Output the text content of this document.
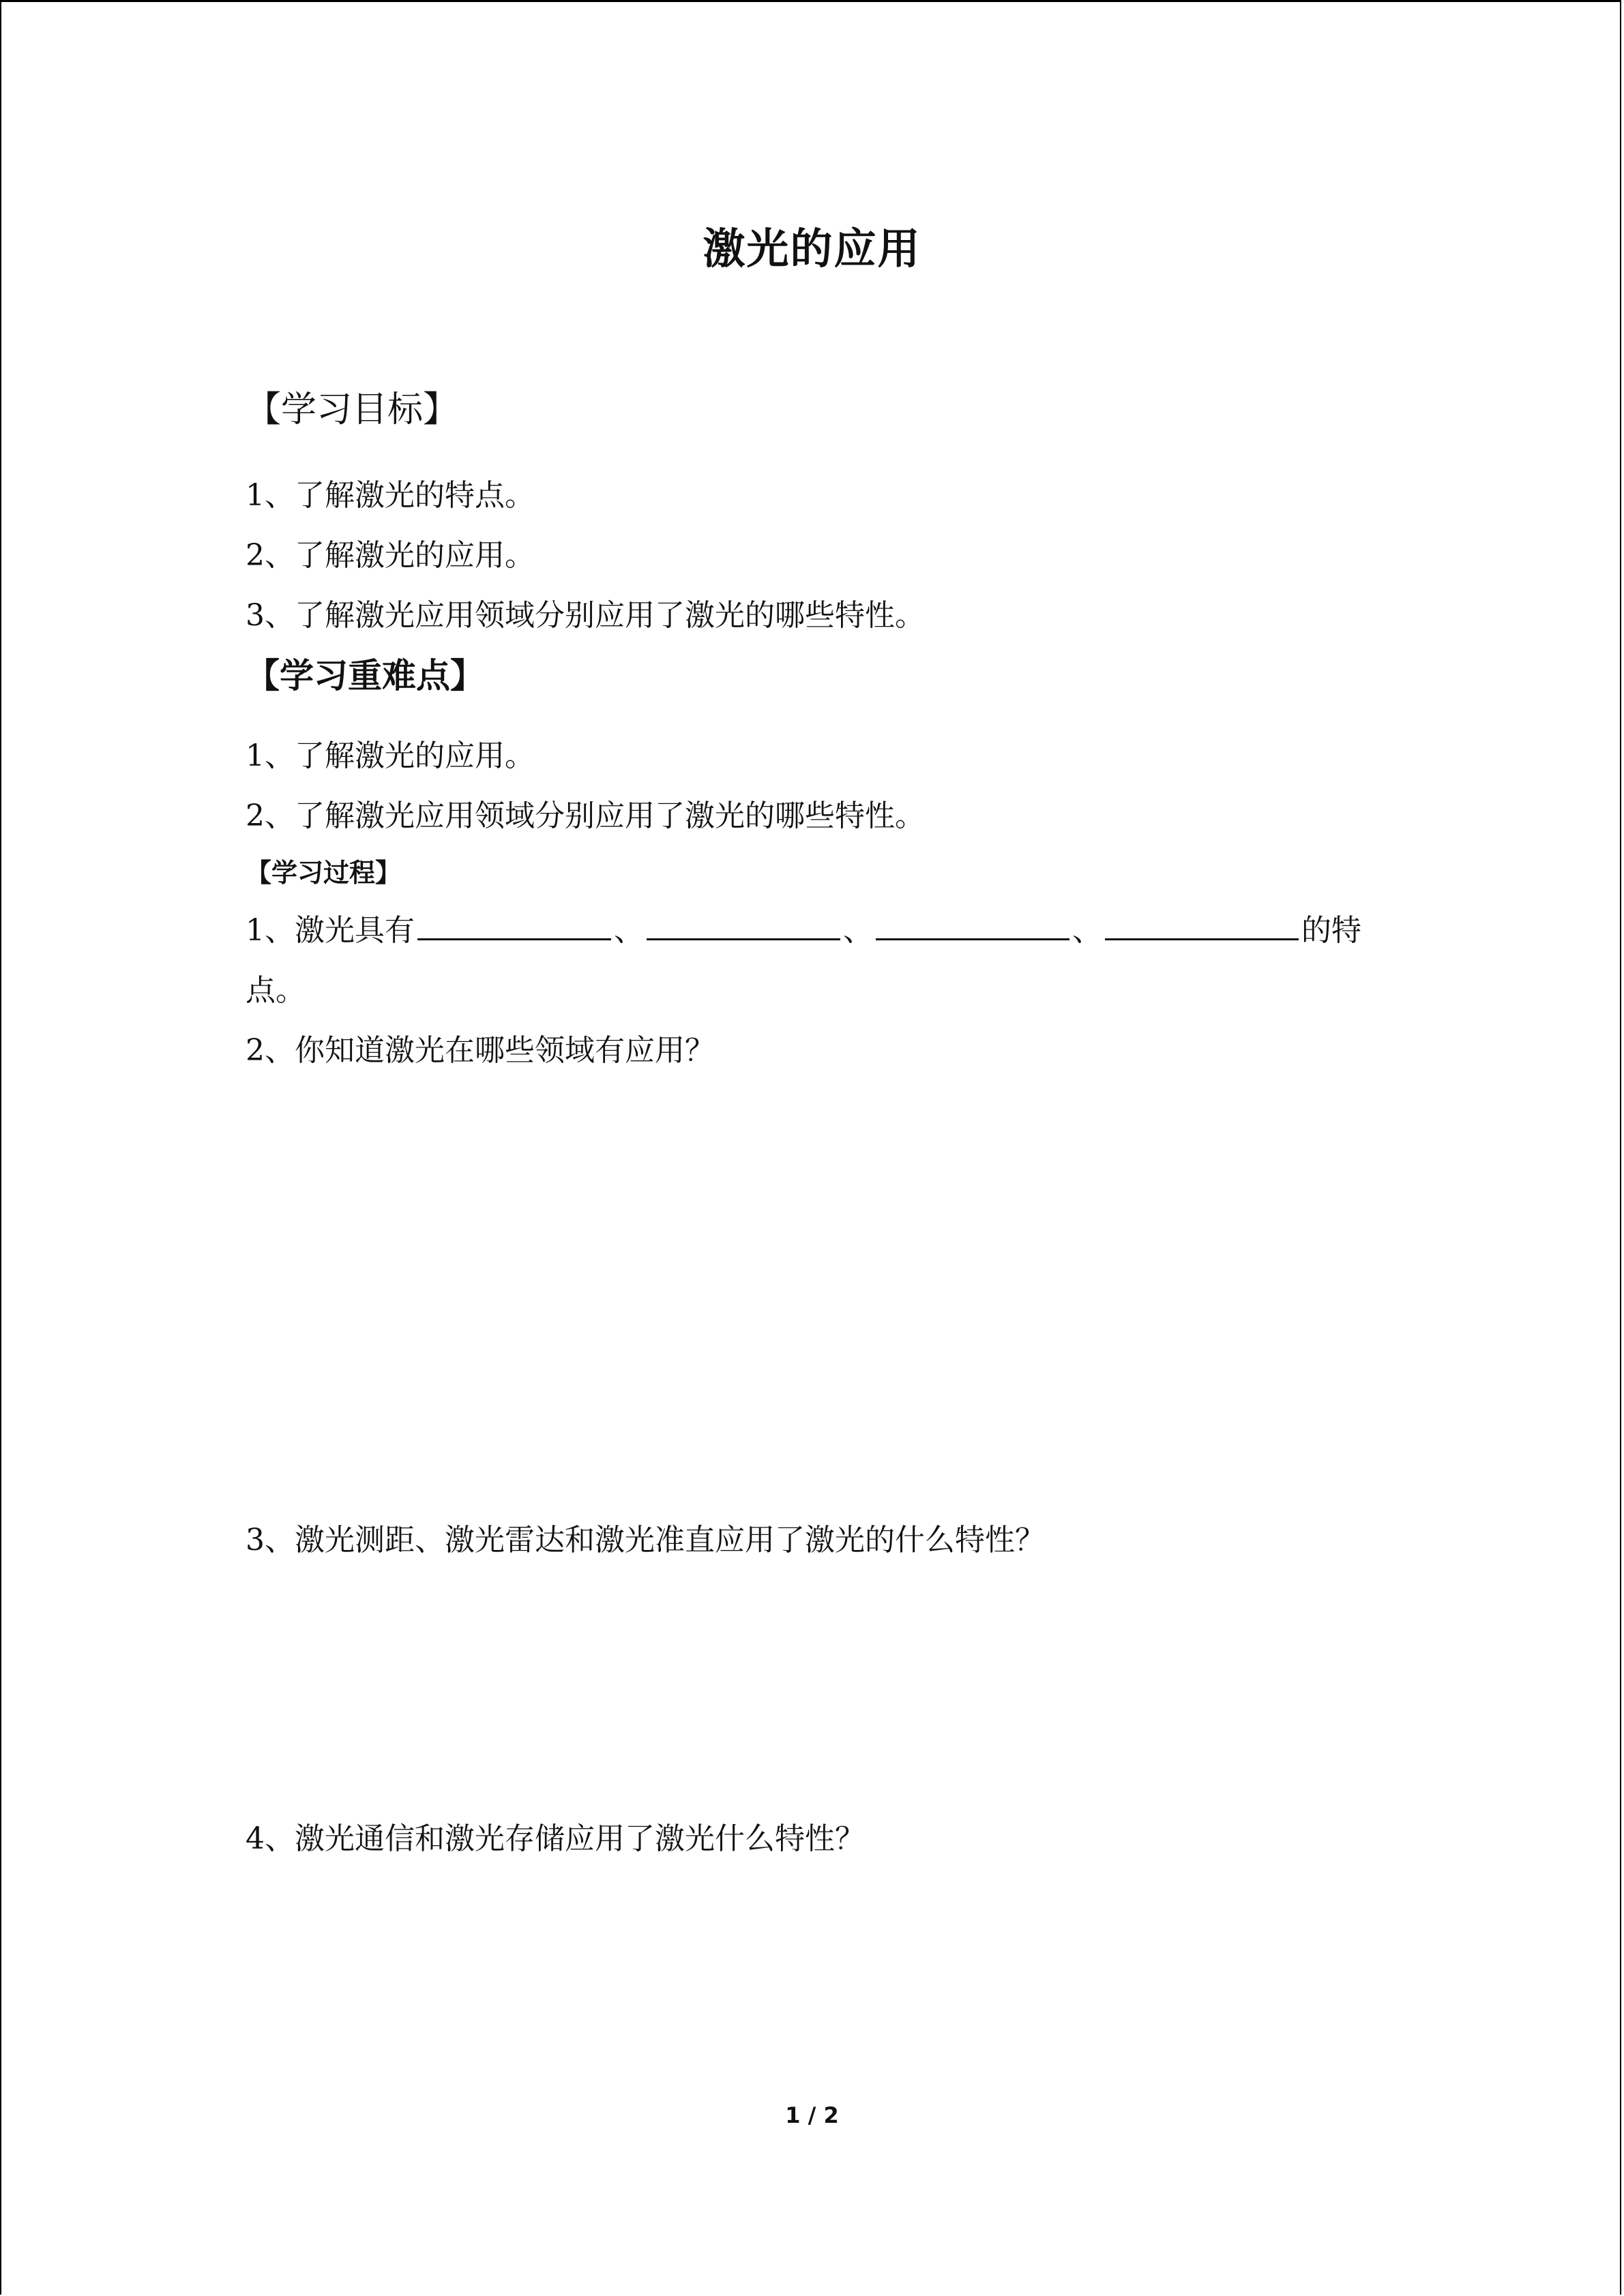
激光的应用
【学习目标】

1、了解激光的特点。

2、了解激光的应用。

3、了解激光应用领域分别应用了激光的哪些特性。

【学习重难点】

1、了解激光的应用。

2、了解激光应用领域分别应用了激光的哪些特性。

【学习过程】

1、激光具有	、	、	、	的特

点。

2、你知道激光在哪些领域有应用？

3、激光测距、激光雷达和激光准直应用了激光的什么特性？

4、激光通信和激光存储应用了激光什么特性？

1 / 2
